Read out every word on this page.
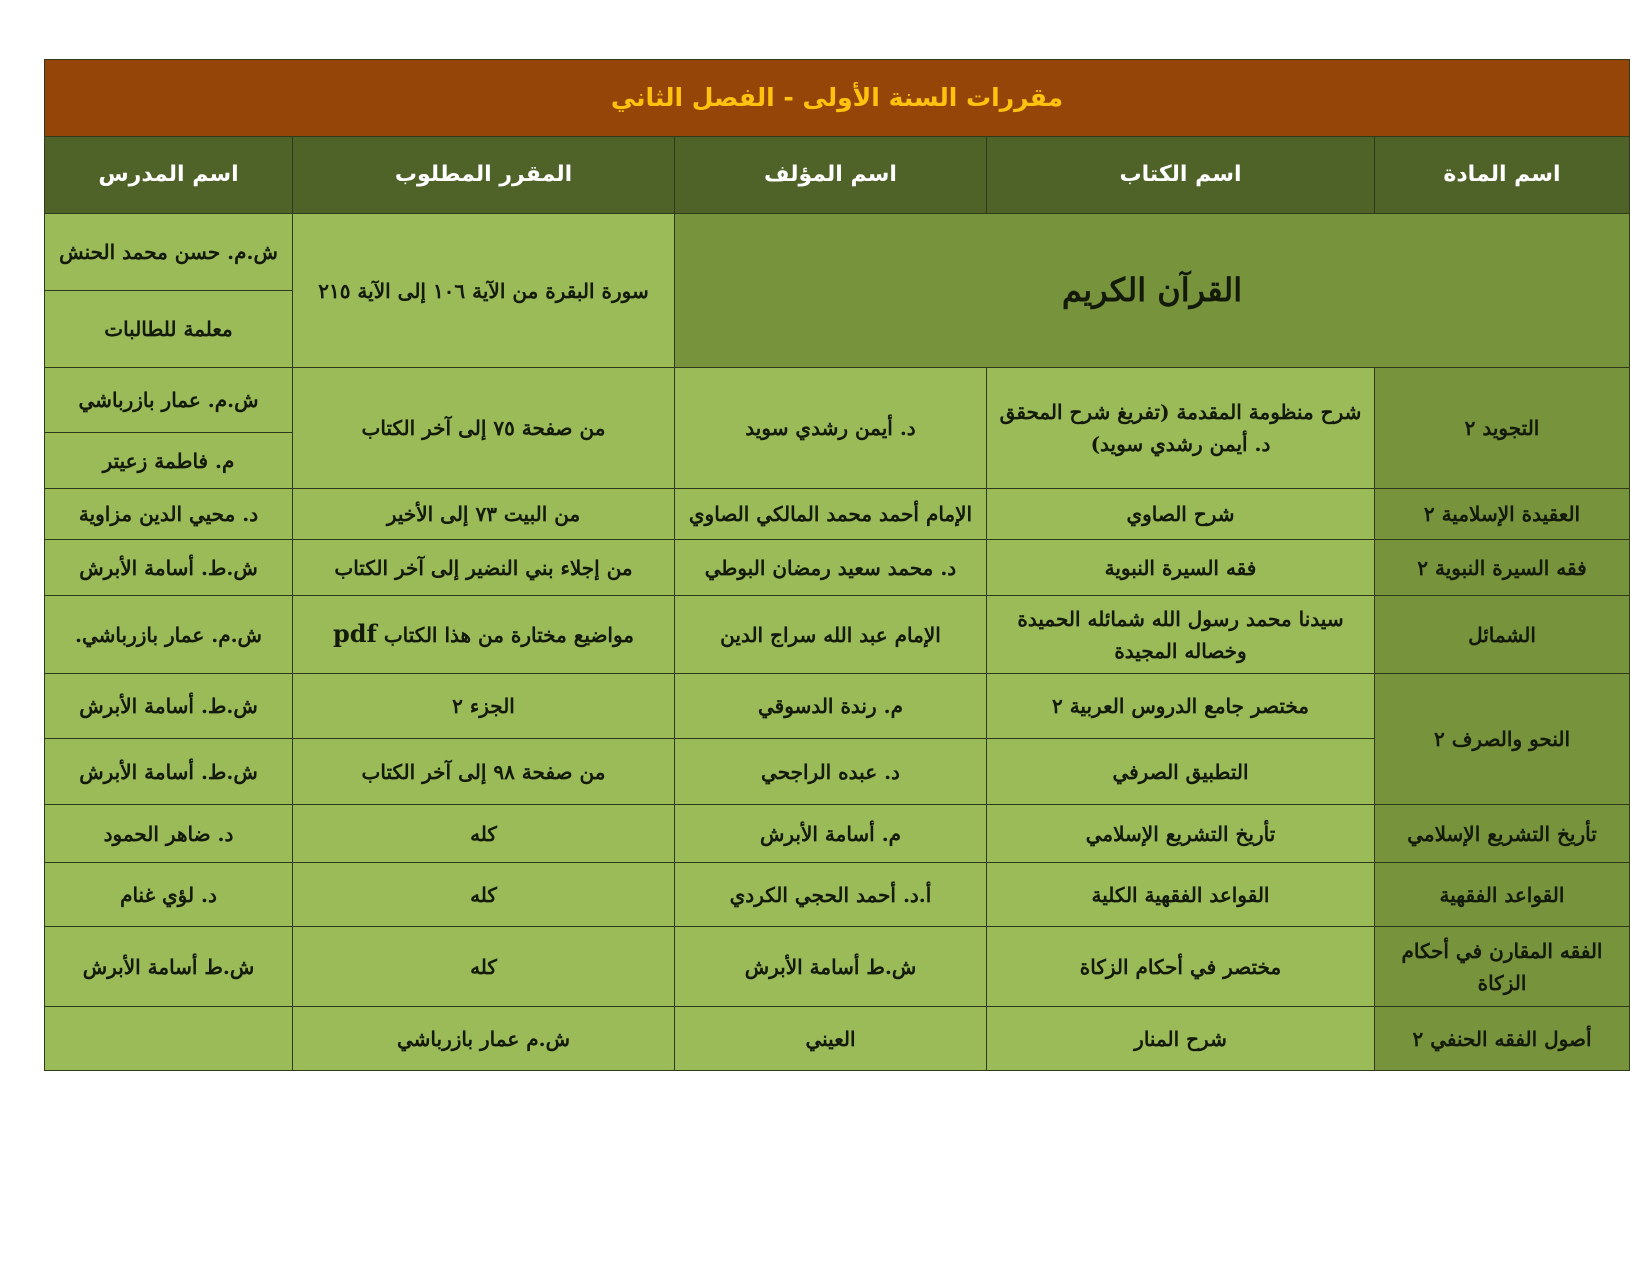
مقررات السنة الأولى - الفصل الثاني				
اسم المادة	اسم الكتاب	اسم المؤلف	المقرر المطلوب	اسم المدرس
القرآن الكريم			سورة البقرة من الآية ١٠٦ إلى الآية ٢١٥	ش.م. حسن محمد الحنش
				معلمة للطالبات
التجويد ٢	شرح منظومة المقدمة (تفريغ شرح المحقق د. أيمن رشدي سويد)	د. أيمن رشدي سويد	من صفحة ٧٥ إلى آخر الكتاب	ش.م. عمار بازرباشي
				م. فاطمة زعيتر
العقيدة الإسلامية ٢	شرح الصاوي	الإمام أحمد محمد المالكي الصاوي	من البيت ٧٣ إلى الأخير	د. محيي الدين مزاوية
فقه السيرة النبوية ٢	فقه السيرة النبوية	د. محمد سعيد رمضان البوطي	من إجلاء بني النضير إلى آخر الكتاب	ش.ط. أسامة الأبرش
الشمائل	سيدنا محمد رسول الله شمائله الحميدة وخصاله المجيدة	الإمام عبد الله سراج الدين	مواضيع مختارة من هذا الكتاب pdf	ش.م. عمار بازرباشي.
النحو والصرف ٢	مختصر جامع الدروس العربية ٢	م. رندة الدسوقي	الجزء ٢	ش.ط. أسامة الأبرش
	التطبيق الصرفي	د. عبده الراجحي	من صفحة ٩٨ إلى آخر الكتاب	ش.ط. أسامة الأبرش
تأريخ التشريع الإسلامي	تأريخ التشريع الإسلامي	م. أسامة الأبرش	كله	د. ضاهر الحمود
القواعد الفقهية	القواعد الفقهية الكلية	أ.د. أحمد الحجي الكردي	كله	د. لؤي غنام
الفقه المقارن في أحكام الزكاة	مختصر في أحكام الزكاة	ش.ط أسامة الأبرش	كله	ش.ط أسامة الأبرش
أصول الفقه الحنفي ٢	شرح المنار	العيني	ش.م عمار بازرباشي	
